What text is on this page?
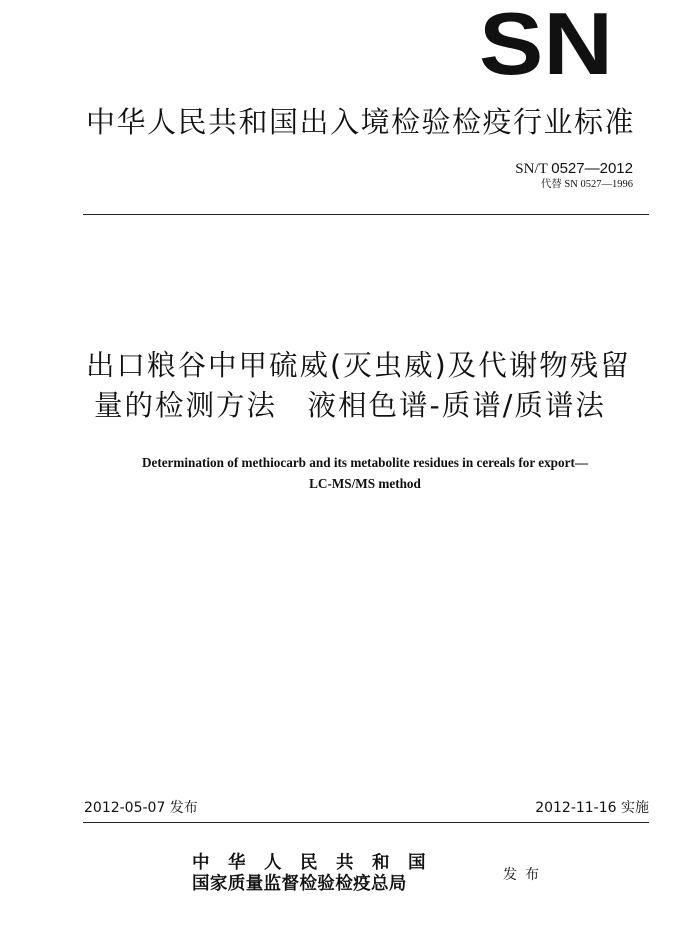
SN
中华人民共和国出入境检验检疫行业标准
SN/T 0527—2012
代替 SN 0527—1996
出口粮谷中甲硫威(灭虫威)及代谢物残留
量的检测方法　液相色谱-质谱/质谱法
Determination of methiocarb and its metabolite residues in cereals for export—
LC-MS/MS method
2012-05-07 发布	2012-11-16 实施
中华人民共和国
国家质量监督检验检疫总局	发布
